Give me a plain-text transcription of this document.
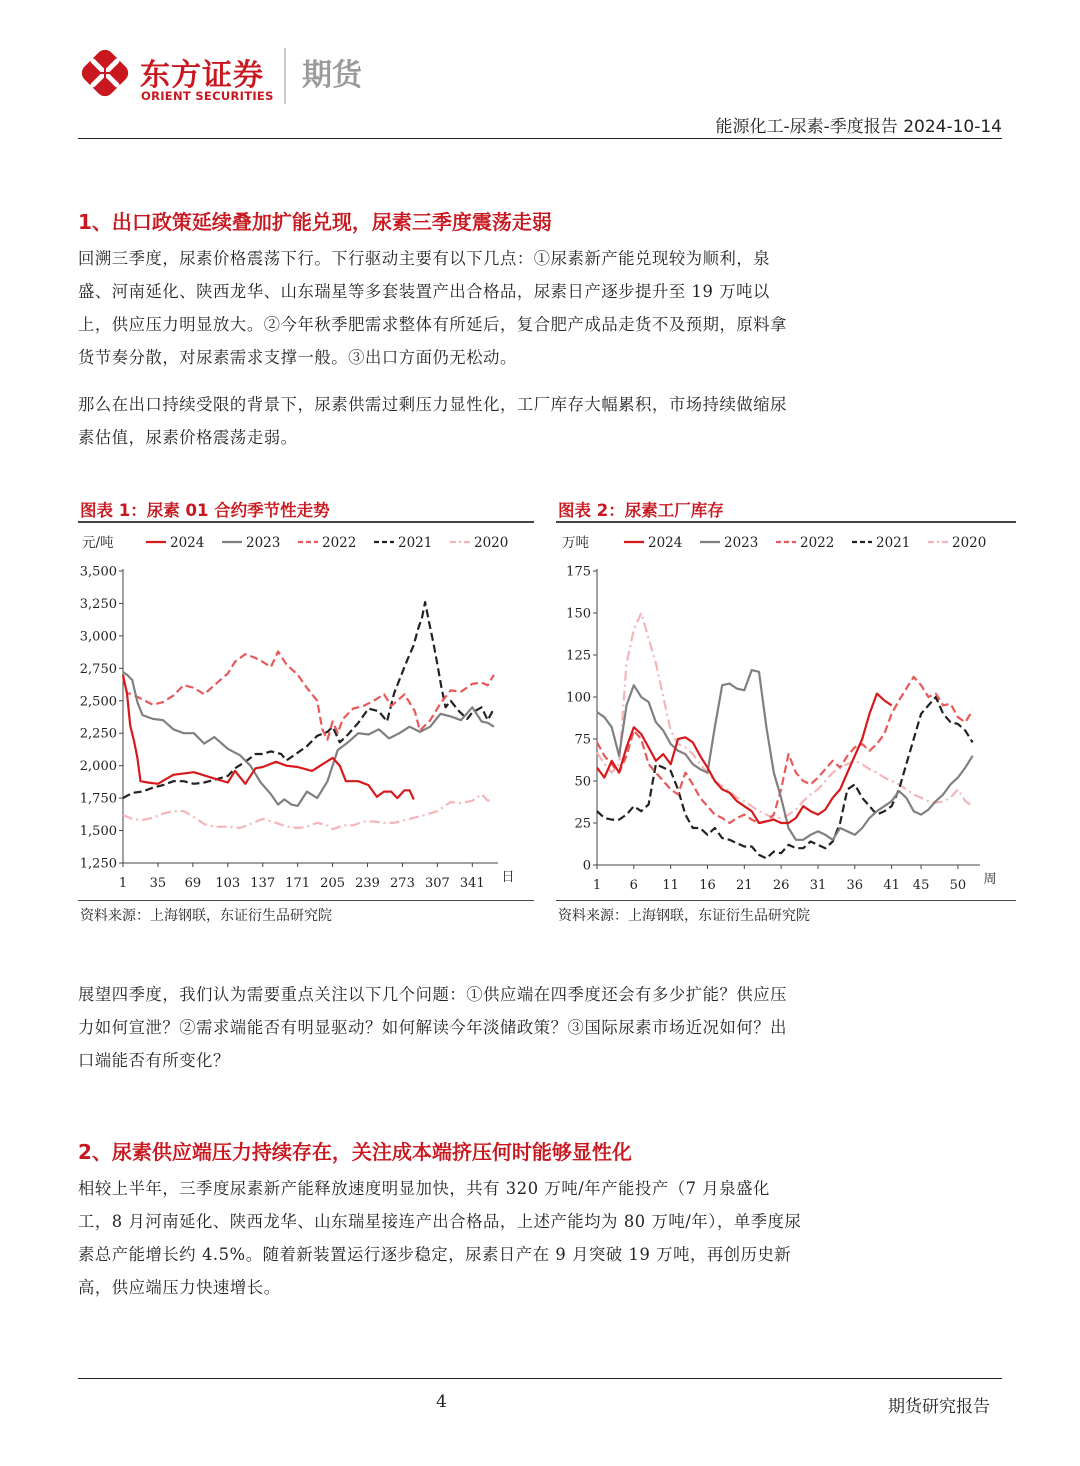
东方证券
ORIENT SECURITIES
期货
能源化工-尿素-季度报告 2024-10-14
1、出口政策延续叠加扩能兑现，尿素三季度震荡走弱

回溯三季度，尿素价格震荡下行。下行驱动主要有以下几点：①尿素新产能兑现较为顺利，泉盛、河南延化、陕西龙华、山东瑞星等多套装置产出合格品，尿素日产逐步提升至 19 万吨以上，供应压力明显放大。②今年秋季肥需求整体有所延后，复合肥产成品走货不及预期，原料拿货节奏分散，对尿素需求支撑一般。③出口方面仍无松动。

那么在出口持续受限的背景下，尿素供需过剩压力显性化，工厂库存大幅累积，市场持续做缩尿素估值，尿素价格震荡走弱。

图表 1：尿素 01 合约季节性走势	图表 2：尿素工厂库存
元/吨	2024	2023	2022	2021	2020
3,500
3,250
3,000
2,750
2,500
2,250
2,000
1,750
1,500
1,250
1 35 69 103 137 171 205 239 273 307 341 日
万吨	2024	2023	2022	2021	2020
175
150
125
100
75
50
25
0
1 6 11 16 21 26 31 36 41 45 50 周
资料来源：上海钢联，东证衍生品研究院	资料来源：上海钢联，东证衍生品研究院

展望四季度，我们认为需要重点关注以下几个问题：①供应端在四季度还会有多少扩能？供应压力如何宣泄？②需求端能否有明显驱动？如何解读今年淡储政策？③国际尿素市场近况如何？出口端能否有所变化？

2、尿素供应端压力持续存在，关注成本端挤压何时能够显性化

相较上半年，三季度尿素新产能释放速度明显加快，共有 320 万吨/年产能投产（7 月泉盛化工，8 月河南延化、陕西龙华、山东瑞星接连产出合格品，上述产能均为 80 万吨/年），单季度尿素总产能增长约 4.5%。随着新装置运行逐步稳定，尿素日产在 9 月突破 19 万吨，再创历史新高，供应端压力快速增长。

4	期货研究报告
